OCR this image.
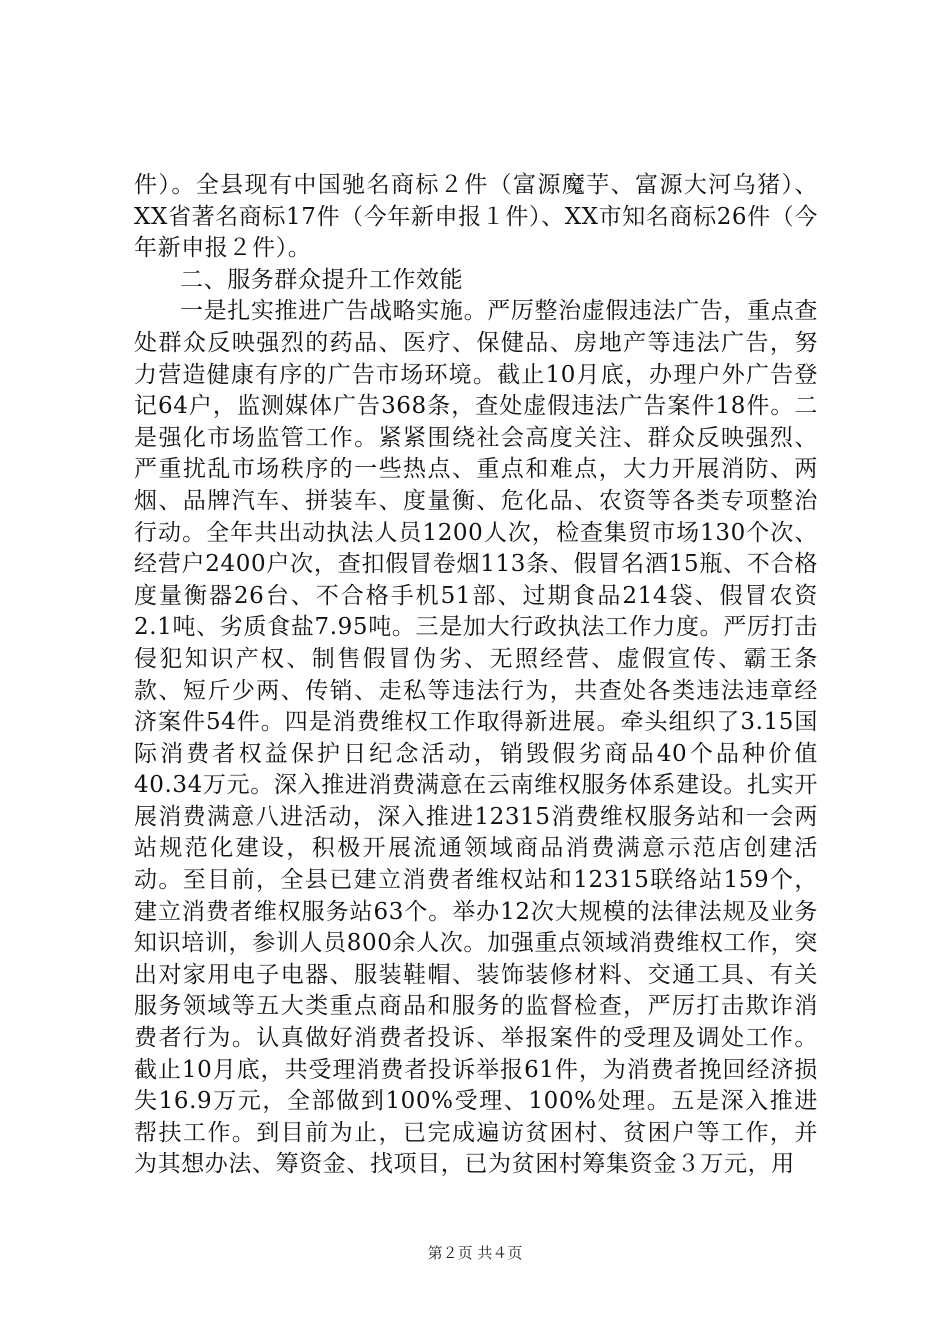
件）。全县现有中国驰名商标２件（富源魔芋、富源大河乌猪）、XX省著名商标17件（今年新申报１件）、XX市知名商标26件（今年新申报２件）。

二、服务群众提升工作效能

一是扎实推进广告战略实施。严厉整治虚假违法广告，重点查处群众反映强烈的药品、医疗、保健品、房地产等违法广告，努力营造健康有序的广告市场环境。截止10月底，办理户外广告登记64户，监测媒体广告368条，查处虚假违法广告案件18件。二是强化市场监管工作。紧紧围绕社会高度关注、群众反映强烈、严重扰乱市场秩序的一些热点、重点和难点，大力开展消防、两烟、品牌汽车、拼装车、度量衡、危化品、农资等各类专项整治行动。全年共出动执法人员1200人次，检查集贸市场130个次、经营户2400户次，查扣假冒卷烟113条、假冒名酒15瓶、不合格度量衡器26台、不合格手机51部、过期食品214袋、假冒农资2.1吨、劣质食盐7.95吨。三是加大行政执法工作力度。严厉打击侵犯知识产权、制售假冒伪劣、无照经营、虚假宣传、霸王条款、短斤少两、传销、走私等违法行为，共查处各类违法违章经济案件54件。四是消费维权工作取得新进展。牵头组织了3.15国际消费者权益保护日纪念活动，销毁假劣商品40个品种价值40.34万元。深入推进消费满意在云南维权服务体系建设。扎实开展消费满意八进活动，深入推进12315消费维权服务站和一会两站规范化建设，积极开展流通领域商品消费满意示范店创建活动。至目前，全县已建立消费者维权站和12315联络站159个，建立消费者维权服务站63个。举办12次大规模的法律法规及业务知识培训，参训人员800余人次。加强重点领域消费维权工作，突出对家用电子电器、服装鞋帽、装饰装修材料、交通工具、有关服务领域等五大类重点商品和服务的监督检查，严厉打击欺诈消费者行为。认真做好消费者投诉、举报案件的受理及调处工作。截止10月底，共受理消费者投诉举报61件，为消费者挽回经济损失16.9万元，全部做到100%受理、100%处理。五是深入推进帮扶工作。到目前为止，已完成遍访贫困村、贫困户等工作，并为其想办法、筹资金、找项目，已为贫困村筹集资金３万元，用

第２页 共４页
